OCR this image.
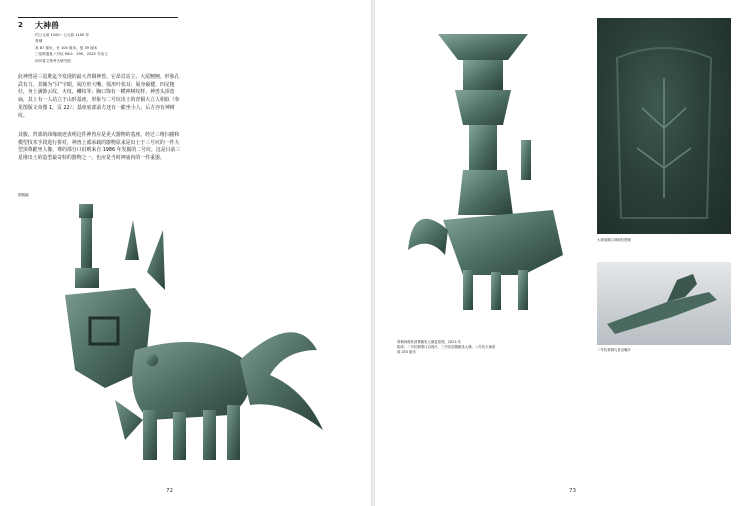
2 大神兽
约公元前 1200－公元前 1100 年
青铜
高 87 厘米，长 104 厘米，宽 39 厘米
三星堆遗址八号坑 K8①：290、2022 年出土
四川省文物考古研究院
此神兽是三星堆迄今发现的最大青铜神兽。它昂首站立，大尾翘翘，形象孔武有力。其额为“目”字眼，阔方形大嘴，弧形叶状耳；展身硕健，四足粗壮，身上满饰云纹、火纹、鳞纹等；胸口饰有一横神树纹样。神兽头顶宽扁，其上有一人站立于山形基座，形象与二号坑出土的青铜大立人相似（参见图版文章图 1，页 22）；基座底部前方还有一跪坐小人，后方亦有神树纹。
其腹、背部的纬缘痕迹表明这件神兽应是更大器物的基座。经过三维扫描和模型技术手段进行拼对，神兽上部承载的器物原来是出土于三号坑的一件大型顶尊跪坐人像，尊的部分口沿则来自 1986 年发掘的二号坑。这是目前三星堆出土的造型最奇特的器物之一，也应是当时神庙内的一件重器。
图版编
72
青铜神兽驮顶尊跪坐人像复原图，2023 年
构成：二号坑铜尊口沿残片、三号坑顶尊跪坐人像、八号坑大神兽
高 253 厘米
大神兽胸口神树纹图案
二号坑青铜鸟首出嘴片
73
